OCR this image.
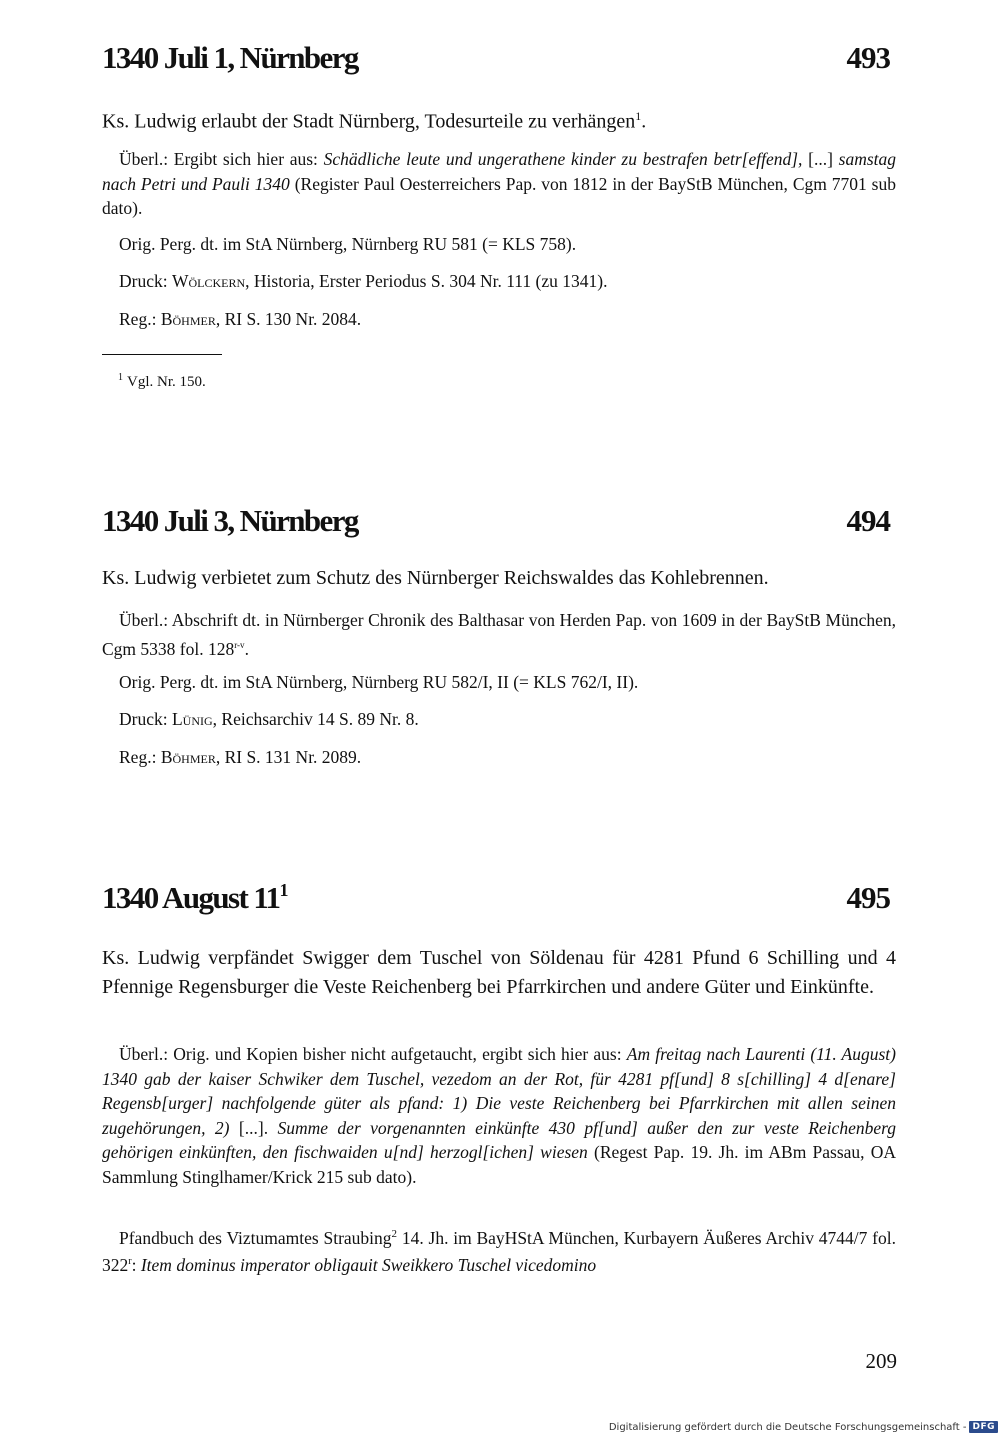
1340 Juli 1, Nürnberg	493
Ks. Ludwig erlaubt der Stadt Nürnberg, Todesurteile zu verhängen$^1$.
Überl.: Ergibt sich hier aus: Schädliche leute und ungerathene kinder zu bestrafen betr[effend], [...] samstag nach Petri und Pauli 1340 (Register Paul Oesterreichers Pap. von 1812 in der BayStB München, Cgm 7701 sub dato).
Orig. Perg. dt. im StA Nürnberg, Nürnberg RU 581 (= KLS 758).
Druck: Wölckern, Historia, Erster Periodus S. 304 Nr. 111 (zu 1341).
Reg.: Böhmer, RI S. 130 Nr. 2084.
$^1$ Vgl. Nr. 150.
1340 Juli 3, Nürnberg	494
Ks. Ludwig verbietet zum Schutz des Nürnberger Reichswaldes das Kohlebrennen.
Überl.: Abschrift dt. in Nürnberger Chronik des Balthasar von Herden Pap. von 1609 in der BayStB München, Cgm 5338 fol. 128$^{r-v}$.
Orig. Perg. dt. im StA Nürnberg, Nürnberg RU 582/I, II (= KLS 762/I, II).
Druck: Lünig, Reichsarchiv 14 S. 89 Nr. 8.
Reg.: Böhmer, RI S. 131 Nr. 2089.
1340 August $11^1$	495
Ks. Ludwig verpfändet Swigger dem Tuschel von Söldenau für 4281 Pfund 6 Schilling und 4 Pfennige Regensburger die Veste Reichenberg bei Pfarrkirchen und andere Güter und Einkünfte.
Überl.: Orig. und Kopien bisher nicht aufgetaucht, ergibt sich hier aus: Am freitag nach Laurenti (11. August) 1340 gab der kaiser Schwiker dem Tuschel, vezedom an der Rot, für 4281 pf[und] 8 s[chilling] 4 d[enare] Regensb[urger] nachfolgende güter als pfand: 1) Die veste Reichenberg bei Pfarrkirchen mit allen seinen zugehörungen, 2) [...]. Summe der vorgenannten einkünfte 430 pf[und] außer den zur veste Reichenberg gehörigen einkünften, den fischwaiden u[nd] herzogl[ichen] wiesen (Regest Pap. 19. Jh. im ABm Passau, OA Sammlung Stinglhamer/Krick 215 sub dato).
Pfandbuch des Viztumamtes Straubing$^2$ 14. Jh. im BayHStA München, Kurbayern Äußeres Archiv 4744/7 fol. 322$^r$: Item dominus imperator obligauit Sweikkero Tuschel vicedomino
209
Digitalisierung gefördert durch die Deutsche Forschungsgemeinschaft - DFG
